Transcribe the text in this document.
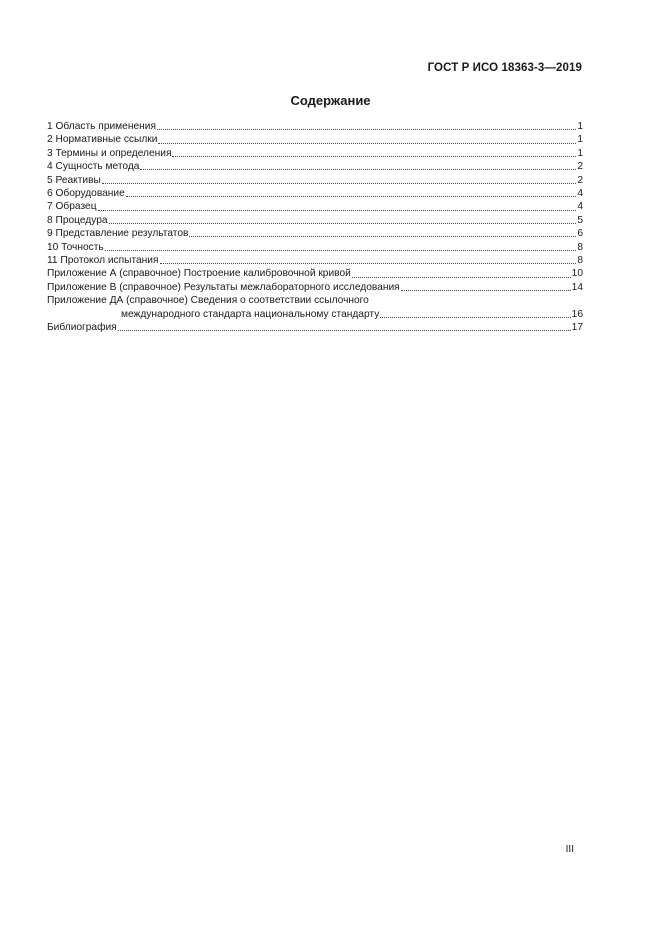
ГОСТ Р ИСО 18363-3—2019
Содержание
1 Область применения	1
2 Нормативные ссылки	1
3 Термины и определения	1
4 Сущность метода	2
5 Реактивы	2
6 Оборудование	4
7 Образец	4
8 Процедура	5
9 Представление результатов	6
10 Точность	8
11 Протокол испытания	8
Приложение А (справочное) Построение калибровочной кривой	10
Приложение В (справочное) Результаты межлабораторного исследования	14
Приложение ДА (справочное) Сведения о соответствии ссылочного
международного стандарта национальному стандарту	16
Библиография	17
III
